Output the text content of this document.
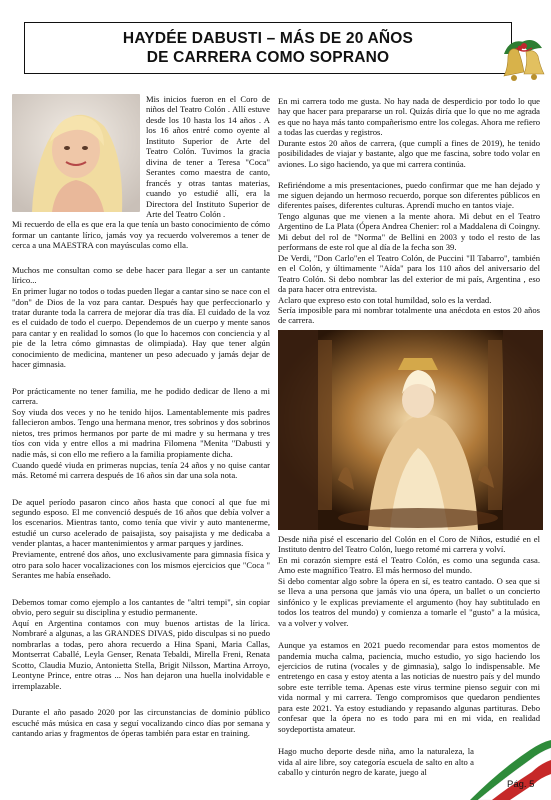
HAYDÉE DABUSTI – MÁS DE 20 AÑOS
DE CARRERA COMO SOPRANO
Mis inicios fueron en el Coro de niños del Teatro Colón . Allí estuve desde los 10 hasta los 14 años . A los 16 años entré como oyente al Instituto Superior de Arte del Teatro Colón. Tuvimos la gracia divina de tener a Teresa "Coca" Serantes como maestra de canto, francés y otras tantas materias, cuando yo estudié allí, era la Directora del Instituto Superior de Arte del Teatro Colón .

Mi recuerdo de ella es que era la que tenía un basto conocimiento de cómo formar un cantante lírico, jamás voy ya recuerdo volveremos a tener de cerca a una MAESTRA con mayúsculas como ella.

Muchos me consultan como se debe hacer para llegar a ser un cantante lírico...

En primer lugar no todos o todas pueden llegar a cantar sino se nace con el "don" de Dios de la voz para cantar. Después hay que perfeccionarlo y tratar durante toda la carrera de mejorar día tras día. El cuidado de la voz es el cuidado de todo el cuerpo. Dependemos de un cuerpo y mente sanos para cantar y en realidad lo somos (lo que lo hacemos con conciencia y al pie de la letra cómo gimnastas de olimpiada). Hay que tener algún conocimiento de medicina, mantener un peso adecuado y jamás dejar de hacer gimnasia.

Por prácticamente no tener familia, me he podido dedicar de lleno a mi carrera.

Soy viuda dos veces y no he tenido hijos. Lamentablemente mis padres fallecieron ambos. Tengo una hermana menor, tres sobrinos y dos sobrinos nietos, tres primos hermanos por parte de mi madre y su hermana y tres tíos con vida y entre ellos a mi madrina Filomena "Menita "Dabusti y nadie más, si con ello me refiero a la familia propiamente dicha.

Cuando quedé viuda en primeras nupcias, tenía 24 años y no quise cantar más. Retomé mi carrera después de 16 años sin dar una sola nota.

De aquel período pasaron cinco años hasta que conocí al que fue mi segundo esposo. El me convenció después de 16 años que debía volver a los escenarios. Mientras tanto, como tenía que vivir y auto mantenerme, estudié un curso acelerado de paisajista, soy paisajista y me dedicaba a vender plantas, a hacer mantenimientos y armar parques y jardines.

Previamente, entrené dos años, uno exclusivamente para gimnasia física y otro para solo hacer vocalizaciones con los mismos ejercicios que "Coca " Serantes me había enseñado.

Debemos tomar como ejemplo a los cantantes de "altri tempi", sin copiar obvio, pero seguir su disciplina y estudio permanente.

Aquí en Argentina contamos con muy buenos artistas de la lírica. Nombraré a algunas, a las GRANDES DIVAS, pido disculpas si no puedo nombrarlas a todas, pero ahora recuerdo a Hina Spani, Maria Callas, Montserrat Caballé, Leyla Genser, Renata Tebaldi, Mirella Freni, Renata Scotto, Claudia Muzio, Antonietta Stella, Brigit Nilsson, Martina Arroyo, Leontyne Prince, entre otras ... Nos han dejaron una huella inolvidable e irremplazable.

Durante el año pasado 2020 por las circunstancias de dominio público escuché más música en casa y seguí vocalizando cinco días por semana y cantando arias y fragmentos de óperas también para estar en training.

En mi carrera todo me gusta. No hay nada de desperdicio por todo lo que hay que hacer para prepararse un rol. Quizás diría que lo que no me agrada es que no haya más tanto compañerismo entre los colegas. Ahora me refiero a todas las cuerdas y registros.

Durante estos 20 años de carrera, (que cumplí a fines de 2019), he tenido posibilidades de viajar y bastante, algo que me fascina, sobre todo volar en aviones. Lo sigo haciendo, ya que mi carrera continúa.

Refiriéndome a mis presentaciones, puedo confirmar que me han dejado y me siguen dejando un hermoso recuerdo, porque son diferentes públicos en diferentes países, diferentes culturas. Aprendí mucho en tantos viaje.

Tengo algunas que me vienen a la mente ahora. Mi debut en el Teatro Argentino de La Plata (Ópera Andrea Chenier: rol a Maddalena di Coingny. Mi debut del rol de "Norma" de Bellini en 2003 y todo el resto de las performans de este rol que al día de la fecha son 39.

De Verdi, "Don Carlo"en el Teatro Colón, de Puccini "Il Tabarro", también en el Colón, y últimamente "Aída" para los 110 años del aniversario del Teatro Colón. Si debo nombrar las del exterior de mi país, Argentina , eso da para hacer otra entrevista.

Aclaro que expreso esto con total humildad, solo es la verdad.

Sería imposible para mi nombrar totalmente una anécdota en estos 20 años de carrera.

Desde niña pisé el escenario del Colón en el Coro de Niños, estudié en el Instituto dentro del Teatro Colón, luego retomé mi carrera y volví.

En mi corazón siempre está el Teatro Colón, es como una segunda casa. Amo este magnífico Teatro. El más hermoso del mundo.

Si debo comentar algo sobre la ópera en sí, es teatro cantado. O sea que si se lleva a una persona que jamás vio una ópera, un ballet o un concierto sinfónico y le explicas previamente el argumento (hoy hay subtitulado en todos los teatros del mundo) y comienza a tomarle el "gusto" a la música, va a volver y volver.

Aunque ya estamos en 2021 puedo recomendar para estos momentos de pandemia mucha calma, paciencia, mucho estudio, yo sigo haciendo los ejercicios de rutina (vocales y de gimnasia), salgo lo indispensable. Me entretengo en casa y estoy atenta a las noticias de nuestro país y del mundo sobre este terrible tema. Apenas este virus termine pienso seguir con mi vida normal y mi carrera. Tengo compromisos que quedaron pendientes para este 2021. Ya estoy estudiando y repasando algunas partituras. Debo confesar que la ópera no es todo para mi en mi vida, en realidad soydeportista amateur.

Hago mucho deporte desde niña, amo la naturaleza, la vida al aire libre, soy categoría escuela de salto en alto a caballo y cinturón negro de karate, juego al

Pág. 5
